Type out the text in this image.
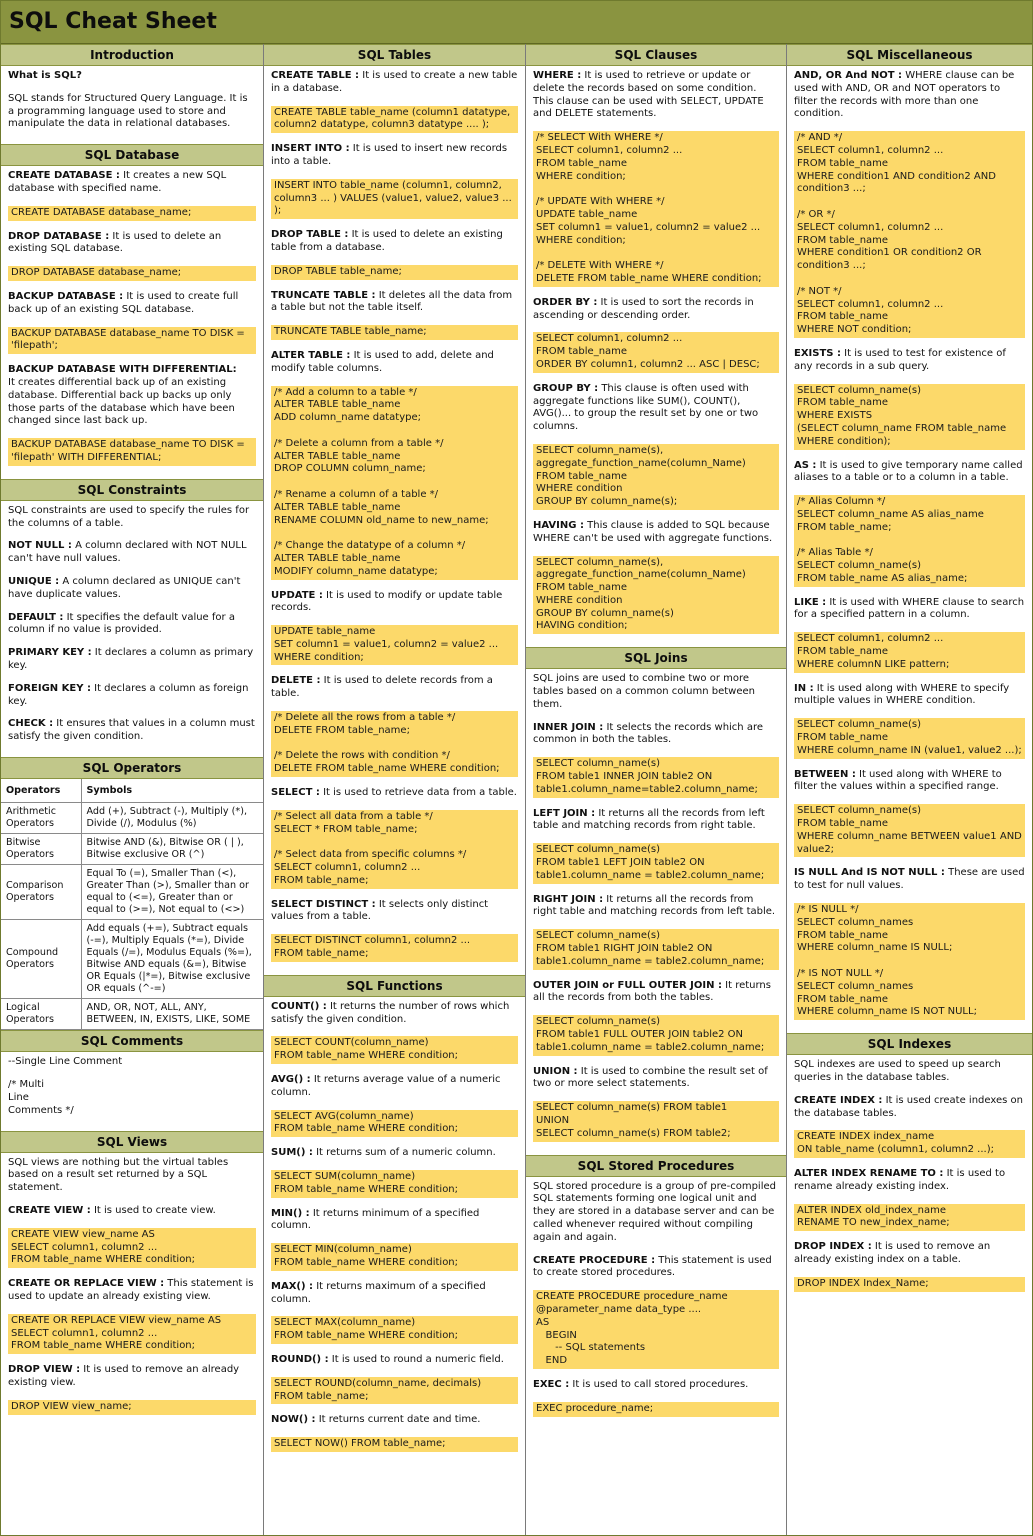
SQL Cheat Sheet
Introduction
What is SQL?
SQL stands for Structured Query Language. It is a programming language used to store and manipulate the data in relational databases.
SQL Database
CREATE DATABASE : It creates a new SQL database with specified name.
CREATE DATABASE database_name;
DROP DATABASE : It is used to delete an existing SQL database.
DROP DATABASE database_name;
BACKUP DATABASE : It is used to create full back up of an existing SQL database.
BACKUP DATABASE database_name TO DISK = 'filepath';
BACKUP DATABASE WITH DIFFERENTIAL:
It creates differential back up of an existing database. Differential back up backs up only those parts of the database which have been changed since last back up.
BACKUP DATABASE database_name TO DISK = 'filepath' WITH DIFFERENTIAL;
SQL Constraints
SQL constraints are used to specify the rules for the columns of a table.
NOT NULL : A column declared with NOT NULL can't have null values.
UNIQUE : A column declared as UNIQUE can't have duplicate values.
DEFAULT : It specifies the default value for a column if no value is provided.
PRIMARY KEY : It declares a column as primary key.
FOREIGN KEY : It declares a column as foreign key.
CHECK : It ensures that values in a column must satisfy the given condition.
SQL Operators
Operators	Symbols
Arithmetic Operators	Add (+), Subtract (-), Multiply (*), Divide (/), Modulus (%)
Bitwise Operators	Bitwise AND (&), Bitwise OR ( | ), Bitwise exclusive OR (^)
Comparison Operators	Equal To (=), Smaller Than (<), Greater Than (>), Smaller than or equal to (<=), Greater than or equal to (>=), Not equal to (<>)
Compound Operators	Add equals (+=), Subtract equals (-=), Multiply Equals (*=), Divide Equals (/=), Modulus Equals (%=), Bitwise AND equals (&=), Bitwise OR Equals (|*=), Bitwise exclusive OR equals (^-=)
Logical Operators	AND, OR, NOT, ALL, ANY, BETWEEN, IN, EXISTS, LIKE, SOME
SQL Comments
--Single Line Comment
/* Multi
Line
Comments */
SQL Views
SQL views are nothing but the virtual tables based on a result set returned by a SQL statement.
CREATE VIEW : It is used to create view.
CREATE VIEW view_name AS
SELECT column1, column2 ...
FROM table_name WHERE condition;
CREATE OR REPLACE VIEW : This statement is used to update an already existing view.
CREATE OR REPLACE VIEW view_name AS
SELECT column1, column2 ...
FROM table_name WHERE condition;
DROP VIEW : It is used to remove an already existing view.
DROP VIEW view_name;
SQL Tables
CREATE TABLE : It is used to create a new table in a database.
CREATE TABLE table_name (column1 datatype, column2 datatype, column3 datatype .... );
INSERT INTO : It is used to insert new records into a table.
INSERT INTO table_name (column1, column2, column3 ... ) VALUES (value1, value2, value3 ... );
DROP TABLE : It is used to delete an existing table from a database.
DROP TABLE table_name;
TRUNCATE TABLE : It deletes all the data from a table but not the table itself.
TRUNCATE TABLE table_name;
ALTER TABLE : It is used to add, delete and modify table columns.
/* Add a column to a table */
ALTER TABLE table_name
ADD column_name datatype;

/* Delete a column from a table */
ALTER TABLE table_name
DROP COLUMN column_name;

/* Rename a column of a table */
ALTER TABLE table_name
RENAME COLUMN old_name to new_name;

/* Change the datatype of a column */
ALTER TABLE table_name
MODIFY column_name datatype;
UPDATE : It is used to modify or update table records.
UPDATE table_name
SET column1 = value1, column2 = value2 ...
WHERE condition;
DELETE : It is used to delete records from a table.
/* Delete all the rows from a table */
DELETE FROM table_name;

/* Delete the rows with condition */
DELETE FROM table_name WHERE condition;
SELECT : It is used to retrieve data from a table.
/* Select all data from a table */
SELECT * FROM table_name;

/* Select data from specific columns */
SELECT column1, column2 ...
FROM table_name;
SELECT DISTINCT : It selects only distinct values from a table.
SELECT DISTINCT column1, column2 ...
FROM table_name;
SQL Functions
COUNT() : It returns the number of rows which satisfy the given condition.
SELECT COUNT(column_name)
FROM table_name WHERE condition;
AVG() : It returns average value of a numeric column.
SELECT AVG(column_name)
FROM table_name WHERE condition;
SUM() : It returns sum of a numeric column.
SELECT SUM(column_name)
FROM table_name WHERE condition;
MIN() : It returns minimum of a specified column.
SELECT MIN(column_name)
FROM table_name WHERE condition;
MAX() : It returns maximum of a specified column.
SELECT MAX(column_name)
FROM table_name WHERE condition;
ROUND() : It is used to round a numeric field.
SELECT ROUND(column_name, decimals)
FROM table_name;
NOW() : It returns current date and time.
SELECT NOW() FROM table_name;
SQL Clauses
WHERE : It is used to retrieve or update or delete the records based on some condition. This clause can be used with SELECT, UPDATE and DELETE statements.
/* SELECT With WHERE */
SELECT column1, column2 ...
FROM table_name
WHERE condition;

/* UPDATE With WHERE */
UPDATE table_name
SET column1 = value1, column2 = value2 ...
WHERE condition;

/* DELETE With WHERE */
DELETE FROM table_name WHERE condition;
ORDER BY : It is used to sort the records in ascending or descending order.
SELECT column1, column2 ...
FROM table_name
ORDER BY column1, column2 ... ASC | DESC;
GROUP BY : This clause is often used with aggregate functions like SUM(), COUNT(), AVG()... to group the result set by one or two columns.
SELECT column_name(s),
aggregate_function_name(column_Name)
FROM table_name
WHERE condition
GROUP BY column_name(s);
HAVING : This clause is added to SQL because WHERE can't be used with aggregate functions.
SELECT column_name(s),
aggregate_function_name(column_Name)
FROM table_name
WHERE condition
GROUP BY column_name(s)
HAVING condition;
SQL Joins
SQL joins are used to combine two or more tables based on a common column between them.
INNER JOIN : It selects the records which are common in both the tables.
SELECT column_name(s)
FROM table1 INNER JOIN table2 ON
table1.column_name=table2.column_name;
LEFT JOIN : It returns all the records from left table and matching records from right table.
SELECT column_name(s)
FROM table1 LEFT JOIN table2 ON
table1.column_name = table2.column_name;
RIGHT JOIN : It returns all the records from right table and matching records from left table.
SELECT column_name(s)
FROM table1 RIGHT JOIN table2 ON
table1.column_name = table2.column_name;
OUTER JOIN or FULL OUTER JOIN : It returns all the records from both the tables.
SELECT column_name(s)
FROM table1 FULL OUTER JOIN table2 ON
table1.column_name = table2.column_name;
UNION : It is used to combine the result set of two or more select statements.
SELECT column_name(s) FROM table1
UNION
SELECT column_name(s) FROM table2;
SQL Stored Procedures
SQL stored procedure is a group of pre-compiled SQL statements forming one logical unit and they are stored in a database server and can be called whenever required without compiling again and again.
CREATE PROCEDURE : This statement is used to create stored procedures.
CREATE PROCEDURE procedure_name
@parameter_name data_type ....
AS
BEGIN
-- SQL statements
END
EXEC : It is used to call stored procedures.
EXEC procedure_name;
SQL Miscellaneous
AND, OR And NOT : WHERE clause can be used with AND, OR and NOT operators to filter the records with more than one condition.
/* AND */
SELECT column1, column2 ...
FROM table_name
WHERE condition1 AND condition2 AND condition3 ...;

/* OR */
SELECT column1, column2 ...
FROM table_name
WHERE condition1 OR condition2 OR condition3 ...;

/* NOT */
SELECT column1, column2 ...
FROM table_name
WHERE NOT condition;
EXISTS : It is used to test for existence of any records in a sub query.
SELECT column_name(s)
FROM table_name
WHERE EXISTS
(SELECT column_name FROM table_name
WHERE condition);
AS : It is used to give temporary name called aliases to a table or to a column in a table.
/* Alias Column */
SELECT column_name AS alias_name
FROM table_name;

/* Alias Table */
SELECT column_name(s)
FROM table_name AS alias_name;
LIKE : It is used with WHERE clause to search for a specified pattern in a column.
SELECT column1, column2 ...
FROM table_name
WHERE columnN LIKE pattern;
IN : It is used along with WHERE to specify multiple values in WHERE condition.
SELECT column_name(s)
FROM table_name
WHERE column_name IN (value1, value2 ...);
BETWEEN : It used along with WHERE to filter the values within a specified range.
SELECT column_name(s)
FROM table_name
WHERE column_name BETWEEN value1 AND value2;
IS NULL And IS NOT NULL : These are used to test for null values.
/* IS NULL */
SELECT column_names
FROM table_name
WHERE column_name IS NULL;

/* IS NOT NULL */
SELECT column_names
FROM table_name
WHERE column_name IS NOT NULL;
SQL Indexes
SQL indexes are used to speed up search queries in the database tables.
CREATE INDEX : It is used create indexes on the database tables.
CREATE INDEX index_name
ON table_name (column1, column2 ...);
ALTER INDEX RENAME TO : It is used to rename already existing index.
ALTER INDEX old_index_name
RENAME TO new_index_name;
DROP INDEX : It is used to remove an already existing index on a table.
DROP INDEX Index_Name;
